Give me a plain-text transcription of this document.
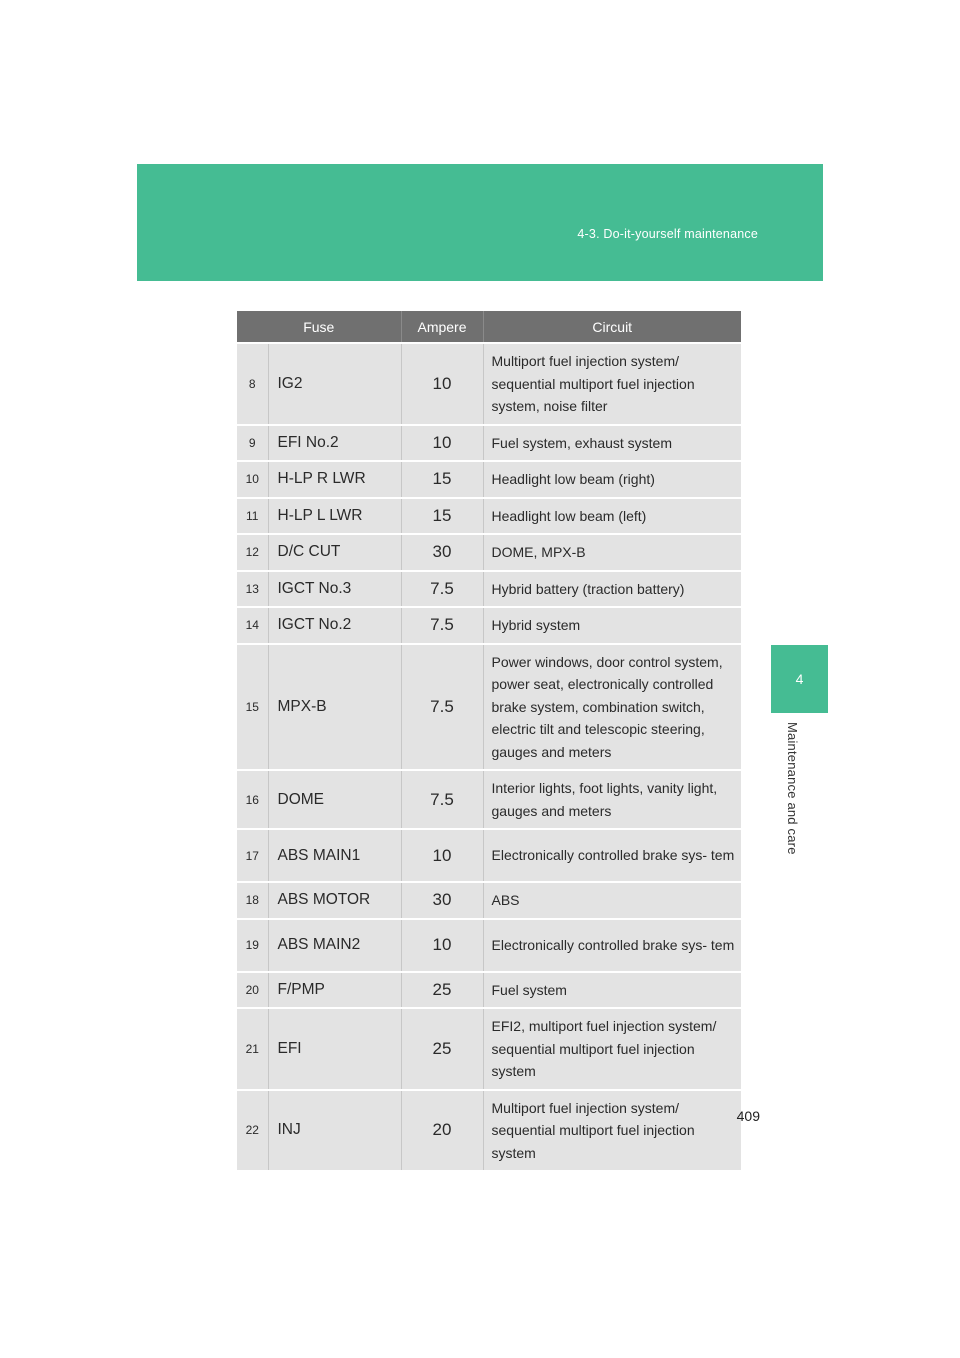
4-3. Do-it-yourself maintenance
4
Maintenance and care
Fuse		Ampere	Circuit
8	IG2	10	Multiport fuel injection system/ sequential multiport fuel injection system, noise filter
9	EFI No.2	10	Fuel system, exhaust system
10	H-LP R LWR	15	Headlight low beam (right)
11	H-LP L LWR	15	Headlight low beam (left)
12	D/C CUT	30	DOME, MPX-B
13	IGCT No.3	7.5	Hybrid battery (traction battery)
14	IGCT No.2	7.5	Hybrid system
15	MPX-B	7.5	Power windows, door control system, power seat, electronically controlled brake system, combination switch, electric tilt and telescopic steering, gauges and meters
16	DOME	7.5	Interior lights, foot lights, vanity light, gauges and meters
17	ABS MAIN1	10	Electronically controlled brake sys- tem
18	ABS MOTOR	30	ABS
19	ABS MAIN2	10	Electronically controlled brake sys- tem
20	F/PMP	25	Fuel system
21	EFI	25	EFI2, multiport fuel injection system/ sequential multiport fuel injection system
22	INJ	20	Multiport fuel injection system/ sequential multiport fuel injection system
409
